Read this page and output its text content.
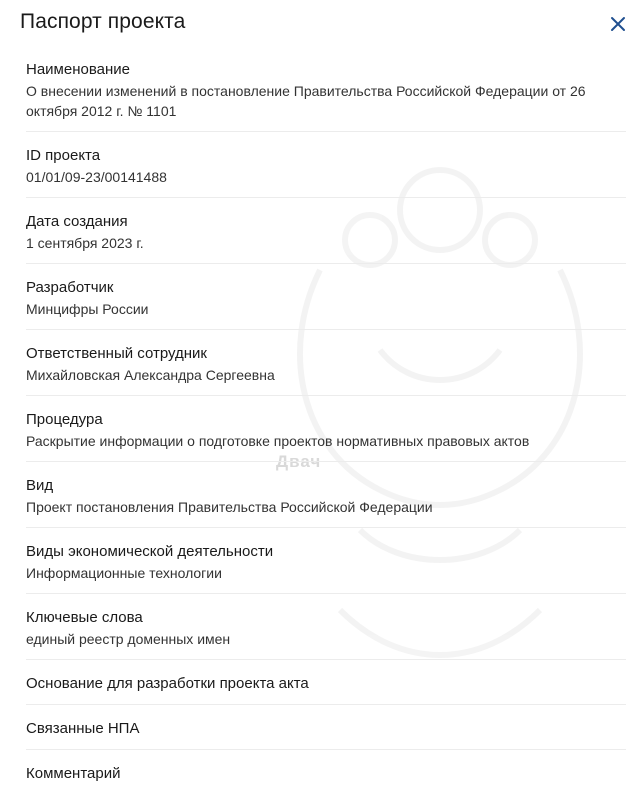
Паспорт проекта
Двач
Наименование
О внесении изменений в постановление Правительства Российской Федерации от 26 октября 2012 г. № 1101
ID проекта
01/01/09-23/00141488
Дата создания
1 сентября 2023 г.
Разработчик
Минцифры России
Ответственный сотрудник
Михайловская Александра Сергеевна
Процедура
Раскрытие информации о подготовке проектов нормативных правовых актов
Вид
Проект постановления Правительства Российской Федерации
Виды экономической деятельности
Информационные технологии
Ключевые слова
единый реестр доменных имен
Основание для разработки проекта акта
Связанные НПА
Комментарий
